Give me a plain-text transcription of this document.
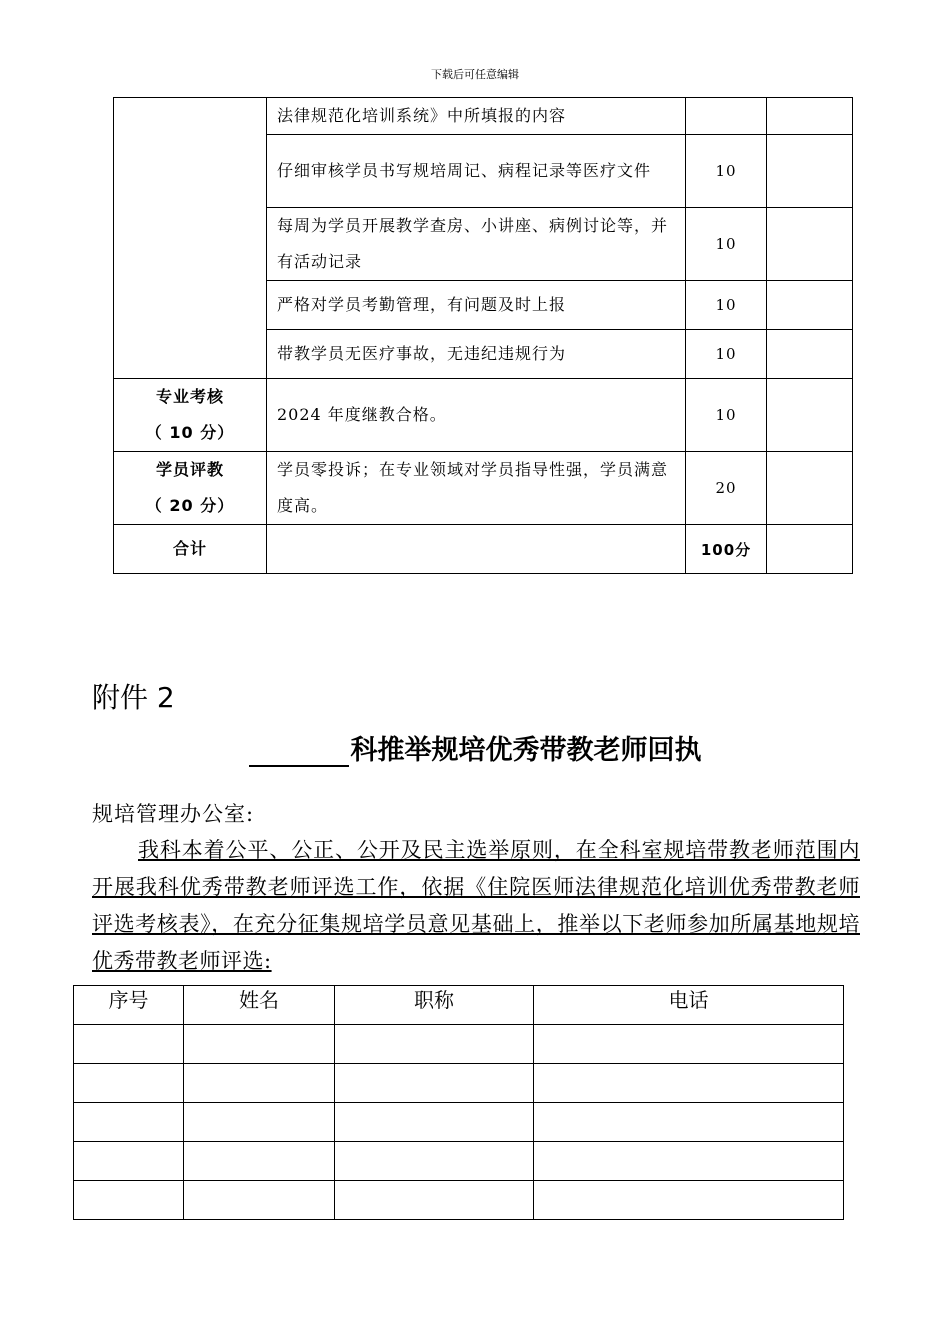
下载后可任意编辑
	法律规范化培训系统》中所填报的内容		
	仔细审核学员书写规培周记、病程记录等医疗文件	10	
	每周为学员开展教学查房、小讲座、病例讨论等，并有活动记录	10	
	严格对学员考勤管理，有问题及时上报	10	
	带教学员无医疗事故，无违纪违规行为	10	

专业考核
（ 10 分）	2024 年度继教合格。	10	

学员评教
（ 20 分）	学员零投诉；在专业领域对学员指导性强，学员满意度高。	20	
合计		100分	
附件 2
科推举规培优秀带教老师回执
规培管理办公室:
我科本着公平、公正、公开及民主选举原则，在全科室规培带教老师范围内开展我科优秀带教老师评选工作，依据《住院医师法律规范化培训优秀带教老师评选考核表》，在充分征集规培学员意见基础上，推举以下老师参加所属基地规培优秀带教老师评选:
序号	姓名	职称	电话
